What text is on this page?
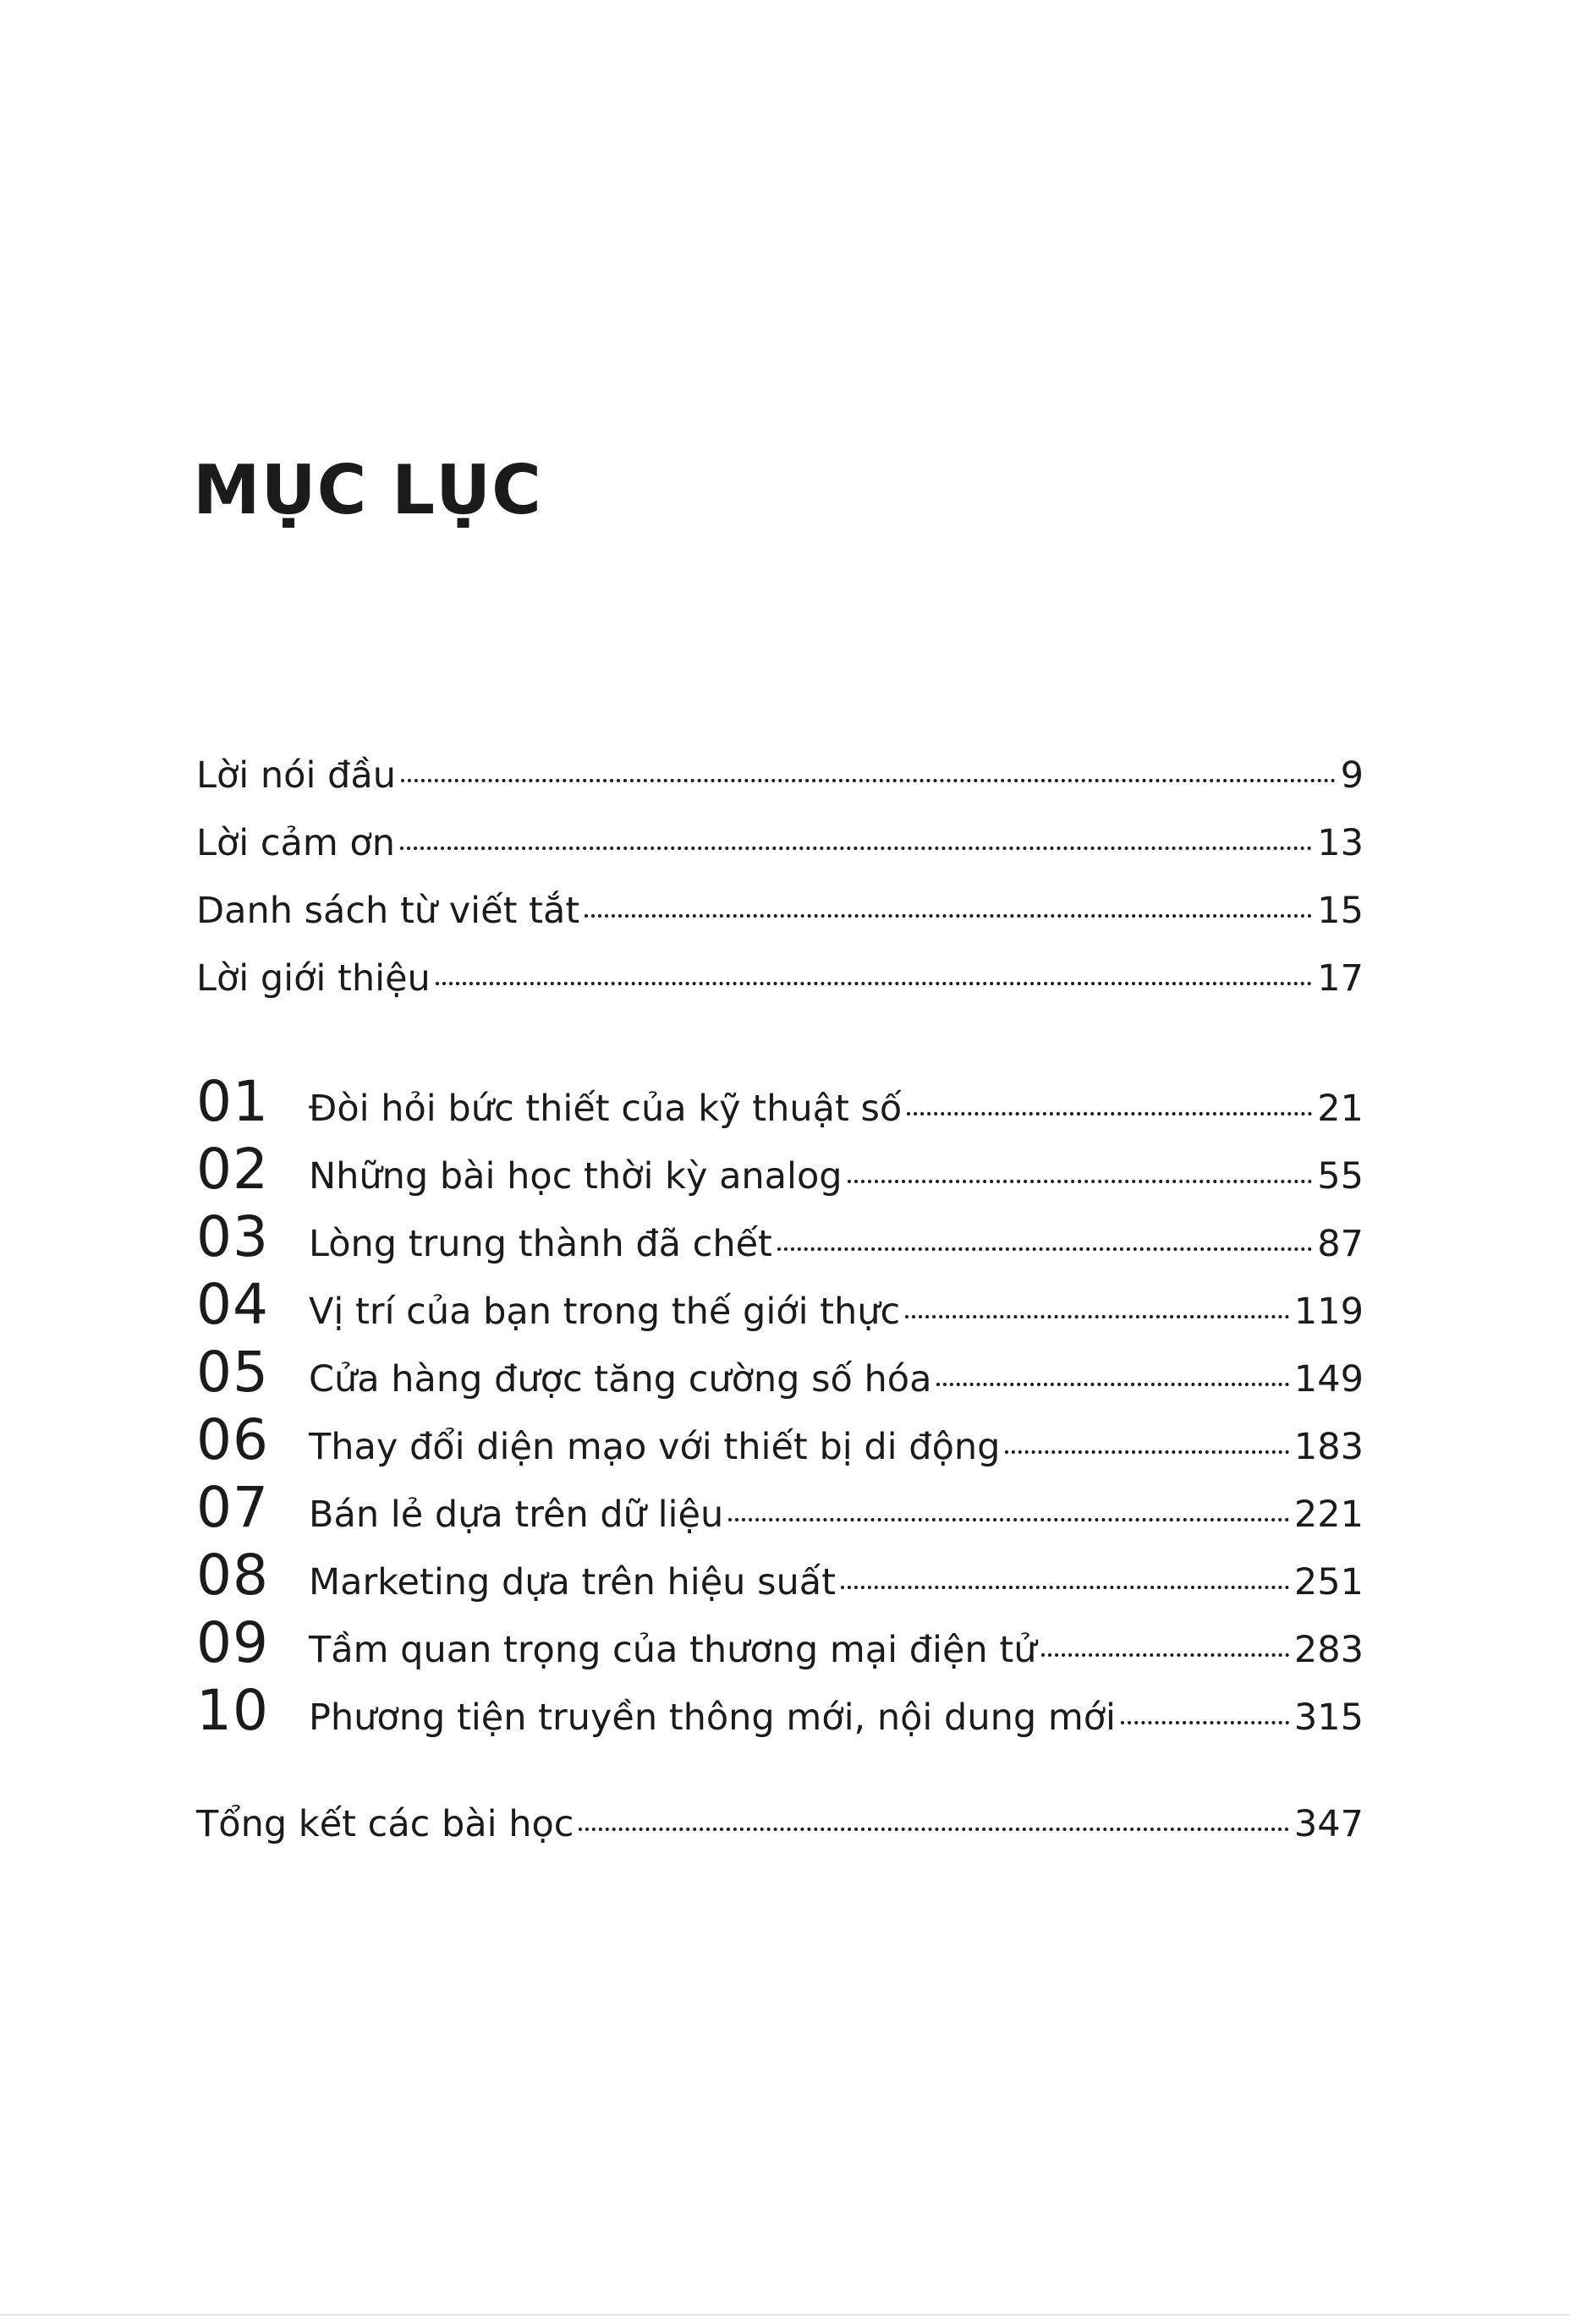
MỤC LỤC
Lời nói đầu	9
Lời cảm ơn	13
Danh sách từ viết tắt	15
Lời giới thiệu	17
01	Đòi hỏi bức thiết của kỹ thuật số	21
02	Những bài học thời kỳ analog	55
03	Lòng trung thành đã chết	87
04	Vị trí của bạn trong thế giới thực	119
05	Cửa hàng được tăng cường số hóa	149
06	Thay đổi diện mạo với thiết bị di động	183
07	Bán lẻ dựa trên dữ liệu	221
08	Marketing dựa trên hiệu suất	251
09	Tầm quan trọng của thương mại điện tử	283
10	Phương tiện truyền thông mới, nội dung mới	315
Tổng kết các bài học	347
